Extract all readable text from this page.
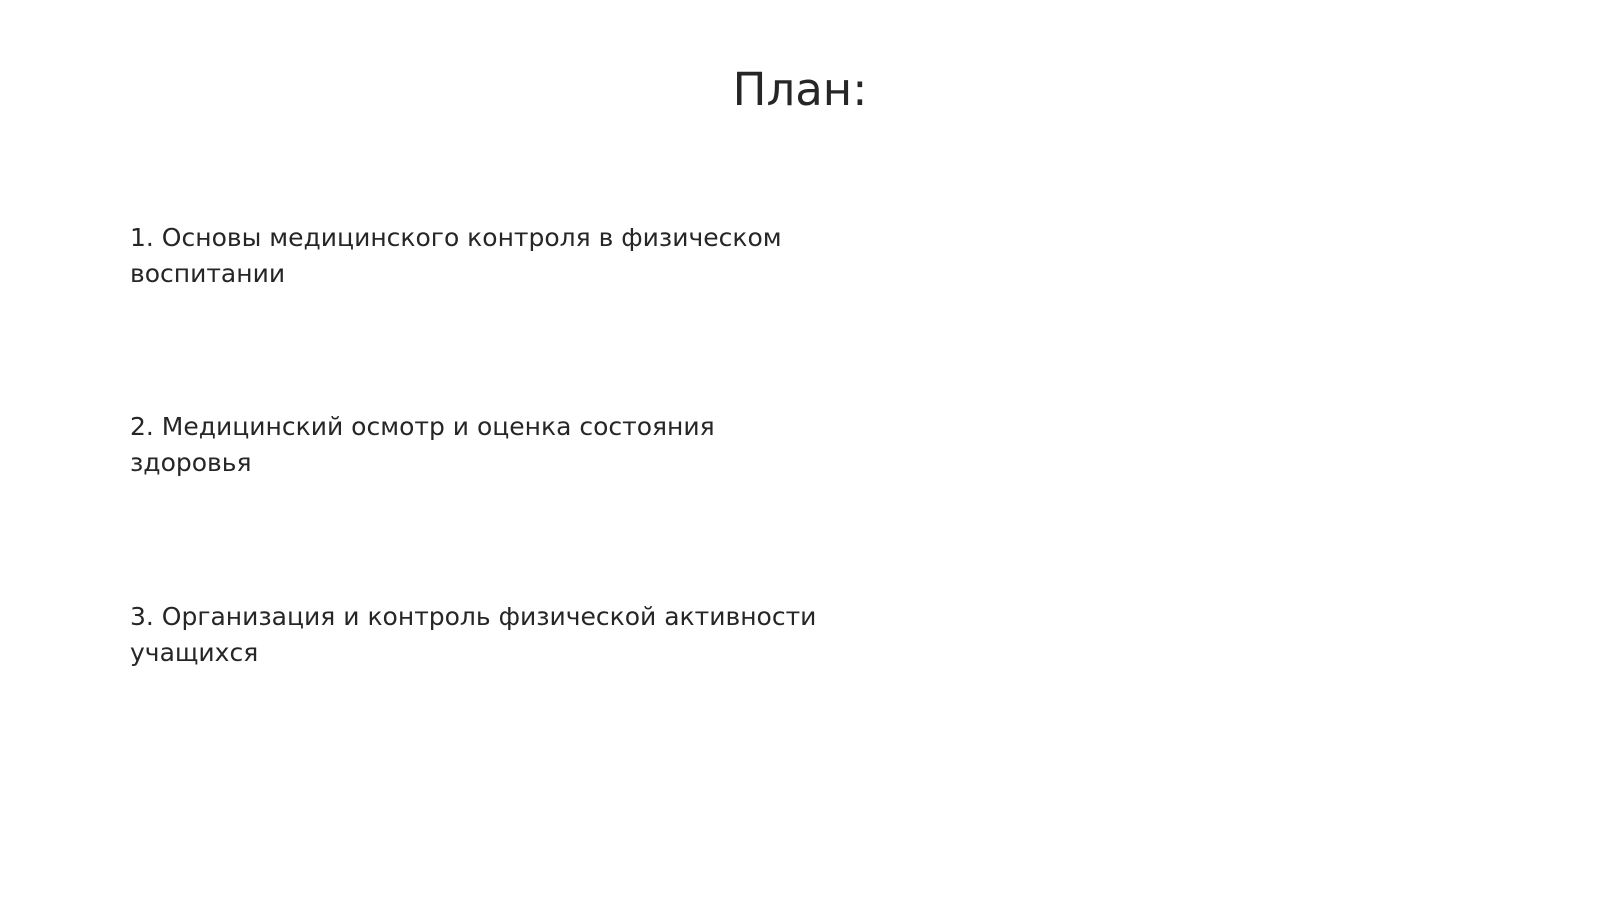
План:
1. Основы медицинского контроля в физическом воспитании
2. Медицинский осмотр и оценка состояния здоровья
3. Организация и контроль физической активности учащихся
